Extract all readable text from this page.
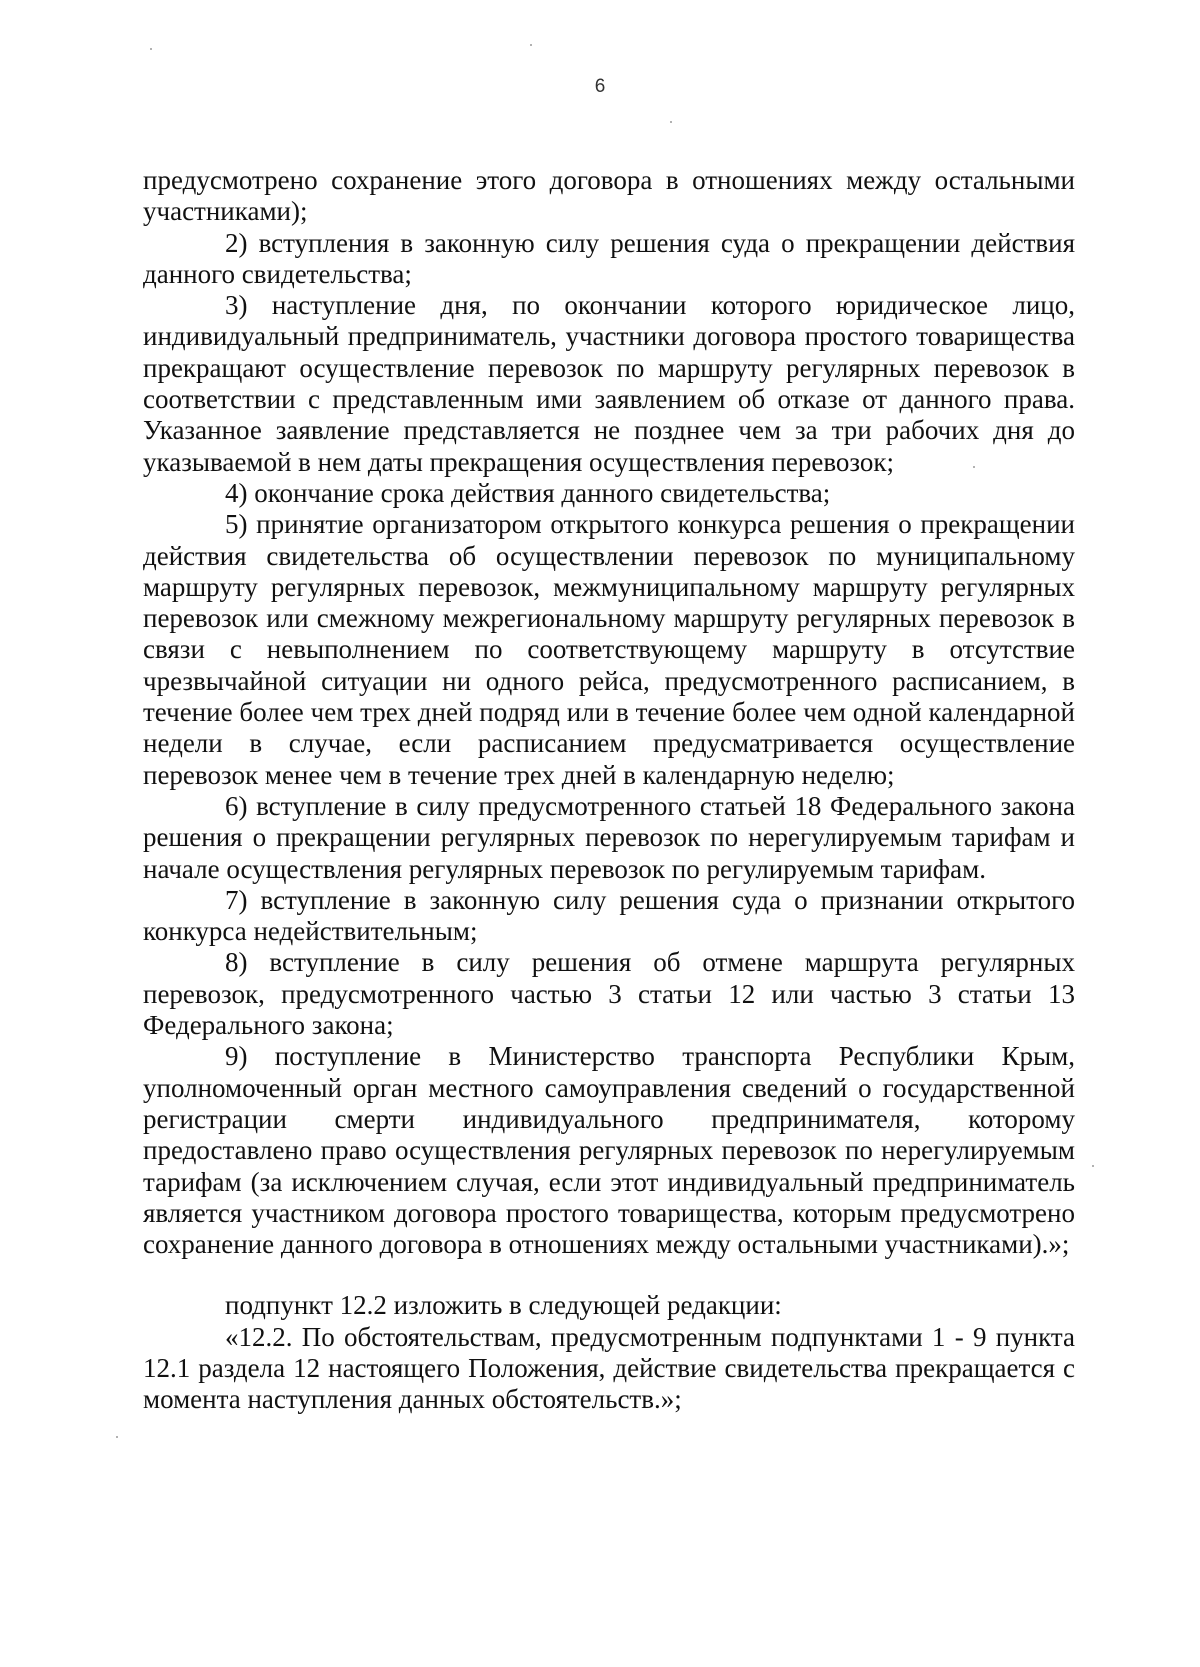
6

предусмотрено сохранение этого договора в отношениях между остальными участниками);

2) вступления в законную силу решения суда о прекращении действия данного свидетельства;

3) наступление дня, по окончании которого юридическое лицо, индивидуальный предприниматель, участники договора простого товарищества прекращают осуществление перевозок по маршруту регулярных перевозок в соответствии с представленным ими заявлением об отказе от данного права. Указанное заявление представляется не позднее чем за три рабочих дня до указываемой в нем даты прекращения осуществления перевозок;

4) окончание срока действия данного свидетельства;

5) принятие организатором открытого конкурса решения о прекращении действия свидетельства об осуществлении перевозок по муниципальному маршруту регулярных перевозок, межмуниципальному маршруту регулярных перевозок или смежному межрегиональному маршруту регулярных перевозок в связи с невыполнением по соответствующему маршруту в отсутствие чрезвычайной ситуации ни одного рейса, предусмотренного расписанием, в течение более чем трех дней подряд или в течение более чем одной календарной недели в случае, если расписанием предусматривается осуществление перевозок менее чем в течение трех дней в календарную неделю;

6) вступление в силу предусмотренного статьей 18 Федерального закона решения о прекращении регулярных перевозок по нерегулируемым тарифам и начале осуществления регулярных перевозок по регулируемым тарифам.

7) вступление в законную силу решения суда о признании открытого конкурса недействительным;

8) вступление в силу решения об отмене маршрута регулярных перевозок, предусмотренного частью 3 статьи 12 или частью 3 статьи 13 Федерального закона;

9) поступление в Министерство транспорта Республики Крым, уполномоченный орган местного самоуправления сведений о государственной регистрации смерти индивидуального предпринимателя, которому предоставлено право осуществления регулярных перевозок по нерегулируемым тарифам (за исключением случая, если этот индивидуальный предприниматель является участником договора простого товарищества, которым предусмотрено сохранение данного договора в отношениях между остальными участниками).»;

подпункт 12.2 изложить в следующей редакции:

«12.2. По обстоятельствам, предусмотренным подпунктами 1 - 9 пункта 12.1 раздела 12 настоящего Положения, действие свидетельства прекращается с момента наступления данных обстоятельств.»;
